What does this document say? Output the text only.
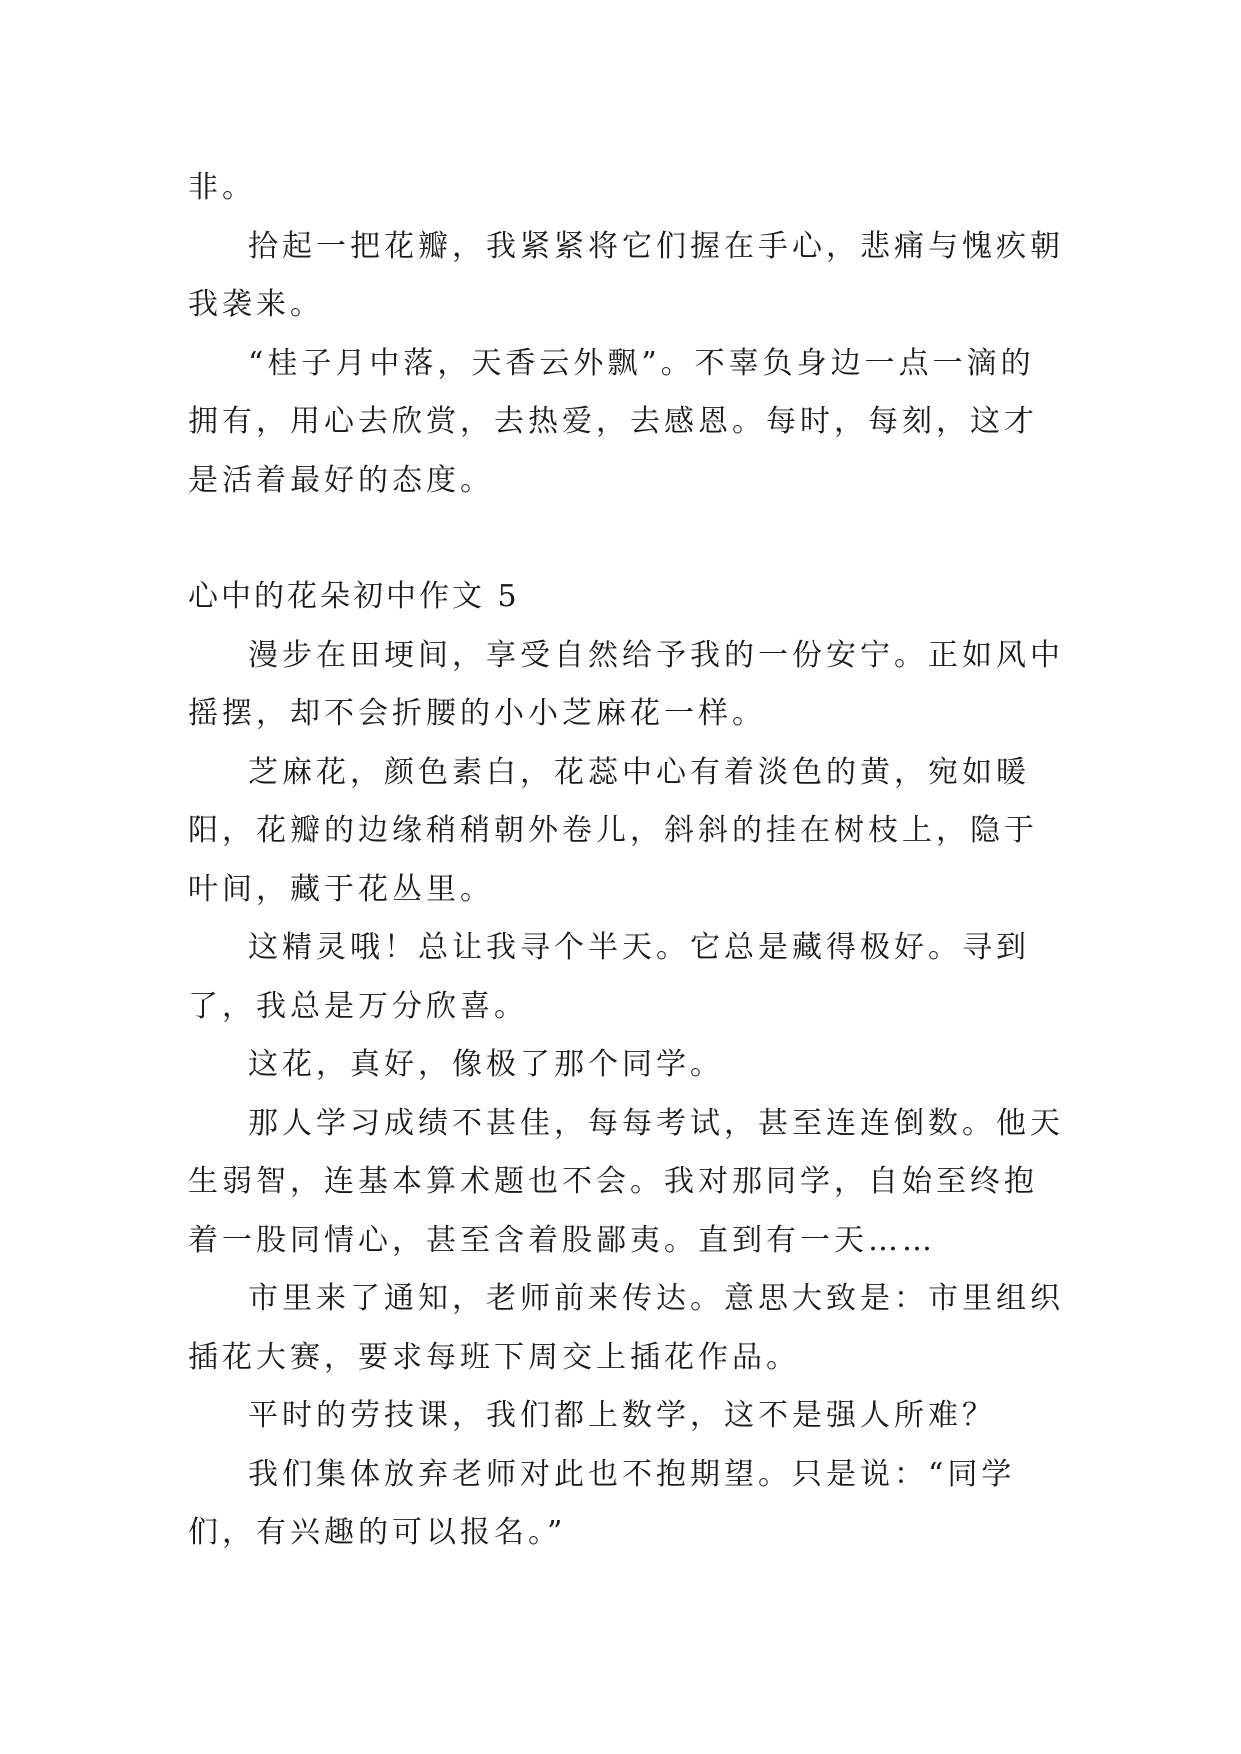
非。

拾起一把花瓣，我紧紧将它们握在手心，悲痛与愧疚朝我袭来。

“桂子月中落，天香云外飘”。不辜负身边一点一滴的拥有，用心去欣赏，去热爱，去感恩。每时，每刻，这才是活着最好的态度。

心中的花朵初中作文 5

漫步在田埂间，享受自然给予我的一份安宁。正如风中摇摆，却不会折腰的小小芝麻花一样。

芝麻花，颜色素白，花蕊中心有着淡色的黄，宛如暖阳，花瓣的边缘稍稍朝外卷儿，斜斜的挂在树枝上，隐于叶间，藏于花丛里。

这精灵哦！总让我寻个半天。它总是藏得极好。寻到了，我总是万分欣喜。

这花，真好，像极了那个同学。

那人学习成绩不甚佳，每每考试，甚至连连倒数。他天生弱智，连基本算术题也不会。我对那同学，自始至终抱着一股同情心，甚至含着股鄙夷。直到有一天……

市里来了通知，老师前来传达。意思大致是：市里组织插花大赛，要求每班下周交上插花作品。

平时的劳技课，我们都上数学，这不是强人所难？

我们集体放弃老师对此也不抱期望。只是说：“同学们，有兴趣的可以报名。”
